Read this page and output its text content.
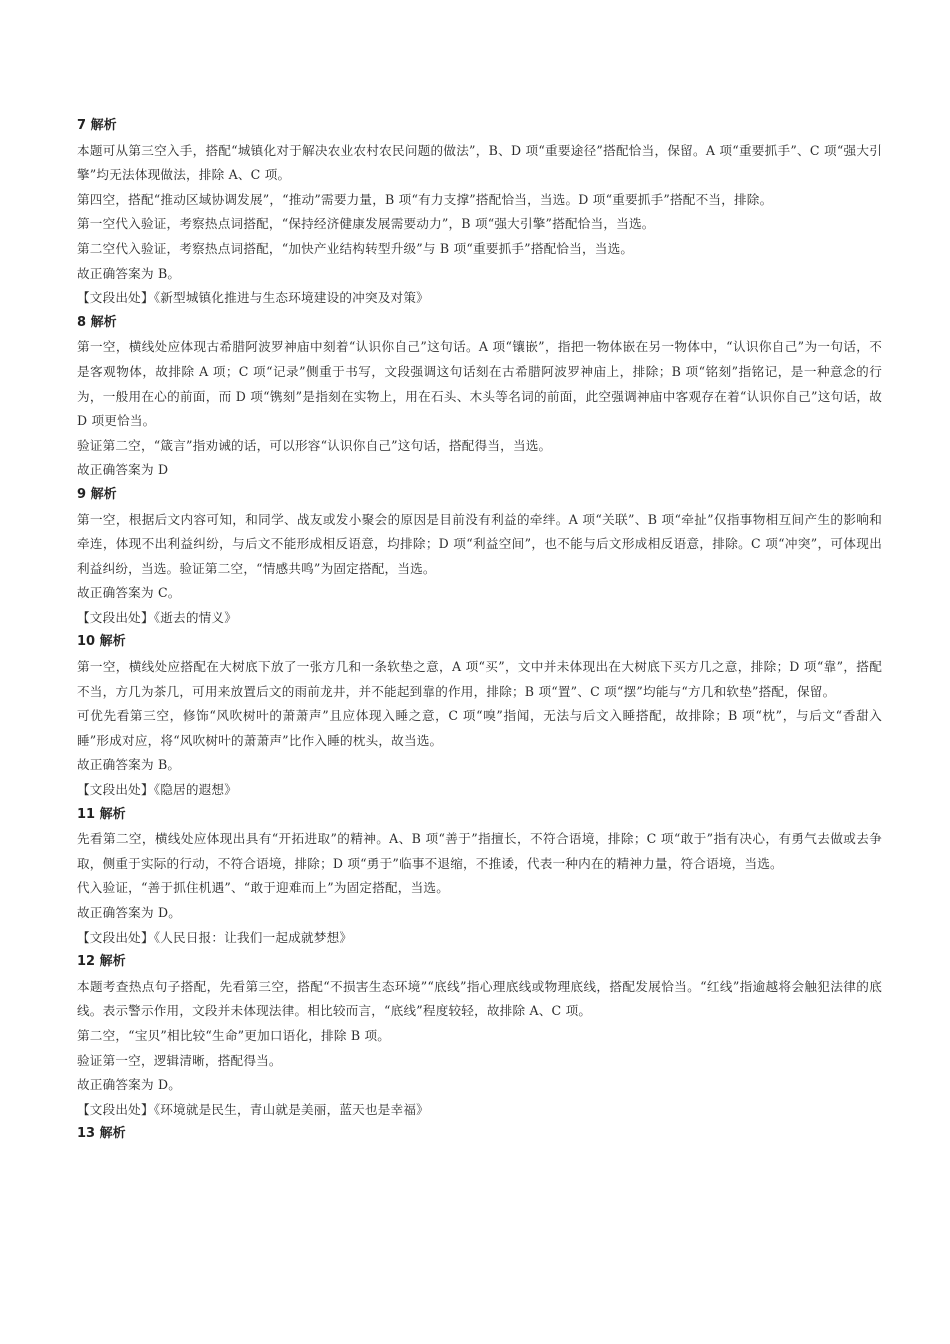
7 解析

本题可从第三空入手，搭配“城镇化对于解决农业农村农民问题的做法”，B、D 项“重要途径”搭配恰当，保留。A 项“重要抓手”、C 项“强大引擎”均无法体现做法，排除 A、C 项。

第四空，搭配“推动区域协调发展”，“推动”需要力量，B 项“有力支撑”搭配恰当，当选。D 项“重要抓手”搭配不当，排除。

第一空代入验证，考察热点词搭配，“保持经济健康发展需要动力”，B 项“强大引擎”搭配恰当，当选。

第二空代入验证，考察热点词搭配，“加快产业结构转型升级”与 B 项“重要抓手”搭配恰当，当选。

故正确答案为 B。

【文段出处】《新型城镇化推进与生态环境建设的冲突及对策》

8 解析

第一空，横线处应体现古希腊阿波罗神庙中刻着“认识你自己”这句话。A 项“镶嵌”，指把一物体嵌在另一物体中，“认识你自己”为一句话，不是客观物体，故排除 A 项；C 项“记录”侧重于书写，文段强调这句话刻在古希腊阿波罗神庙上，排除；B 项“铭刻”指铭记，是一种意念的行为，一般用在心的前面，而 D 项“镌刻”是指刻在实物上，用在石头、木头等名词的前面，此空强调神庙中客观存在着“认识你自己”这句话，故 D 项更恰当。

验证第二空，“箴言”指劝诫的话，可以形容“认识你自己”这句话，搭配得当，当选。

故正确答案为 D

9 解析

第一空，根据后文内容可知，和同学、战友或发小聚会的原因是目前没有利益的牵绊。A 项“关联”、B 项“牵扯”仅指事物相互间产生的影响和牵连，体现不出利益纠纷，与后文不能形成相反语意，均排除；D 项“利益空间”，也不能与后文形成相反语意，排除。C 项“冲突”，可体现出利益纠纷，当选。验证第二空，“情感共鸣”为固定搭配，当选。

故正确答案为 C。

【文段出处】《逝去的情义》

10 解析

第一空，横线处应搭配在大树底下放了一张方几和一条软垫之意，A 项“买”，文中并未体现出在大树底下买方几之意，排除；D 项“靠”，搭配不当，方几为茶几，可用来放置后文的雨前龙井，并不能起到靠的作用，排除；B 项“置”、C 项“摆”均能与“方几和软垫”搭配，保留。

可优先看第三空，修饰“风吹树叶的萧萧声”且应体现入睡之意，C 项“嗅”指闻，无法与后文入睡搭配，故排除；B 项“枕”，与后文“香甜入睡”形成对应，将“风吹树叶的萧萧声”比作入睡的枕头，故当选。

故正确答案为 B。

【文段出处】《隐居的遐想》

11 解析

先看第二空，横线处应体现出具有“开拓进取”的精神。A、B 项“善于”指擅长，不符合语境，排除；C 项“敢于”指有决心，有勇气去做或去争取，侧重于实际的行动，不符合语境，排除；D 项“勇于”临事不退缩，不推诿，代表一种内在的精神力量，符合语境，当选。

代入验证，“善于抓住机遇”、“敢于迎难而上”为固定搭配，当选。

故正确答案为 D。

【文段出处】《人民日报：让我们一起成就梦想》

12 解析

本题考查热点句子搭配，先看第三空，搭配“不损害生态环境”“底线”指心理底线或物理底线，搭配发展恰当。“红线”指逾越将会触犯法律的底线。表示警示作用，文段并未体现法律。相比较而言，“底线”程度较轻，故排除 A、C 项。

第二空，“宝贝”相比较“生命”更加口语化，排除 B 项。

验证第一空，逻辑清晰，搭配得当。

故正确答案为 D。

【文段出处】《环境就是民生，青山就是美丽，蓝天也是幸福》

13 解析
